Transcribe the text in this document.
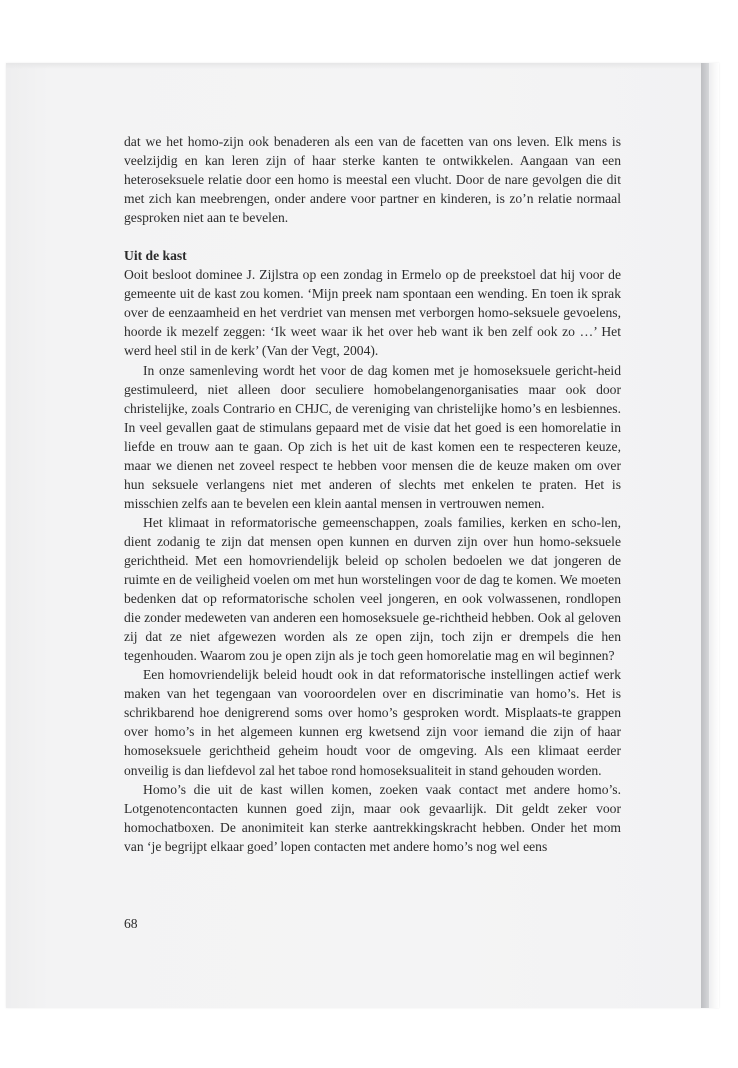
dat we het homo-zijn ook benaderen als een van de facetten van ons leven. Elk mens is veelzijdig en kan leren zijn of haar sterke kanten te ontwikkelen. Aangaan van een heteroseksuele relatie door een homo is meestal een vlucht. Door de nare gevolgen die dit met zich kan meebrengen, onder andere voor partner en kinderen, is zo’n relatie normaal gesproken niet aan te bevelen.

Uit de kast

Ooit besloot dominee J. Zijlstra op een zondag in Ermelo op de preekstoel dat hij voor de gemeente uit de kast zou komen. ‘Mijn preek nam spontaan een wending. En toen ik sprak over de eenzaamheid en het verdriet van mensen met verborgen homo-seksuele gevoelens, hoorde ik mezelf zeggen: ‘Ik weet waar ik het over heb want ik ben zelf ook zo …’ Het werd heel stil in de kerk’ (Van der Vegt, 2004).

In onze samenleving wordt het voor de dag komen met je homoseksuele gericht-heid gestimuleerd, niet alleen door seculiere homobelangenorganisaties maar ook door christelijke, zoals Contrario en CHJC, de vereniging van christelijke homo’s en lesbiennes. In veel gevallen gaat de stimulans gepaard met de visie dat het goed is een homorelatie in liefde en trouw aan te gaan. Op zich is het uit de kast komen een te respecteren keuze, maar we dienen net zoveel respect te hebben voor mensen die de keuze maken om over hun seksuele verlangens niet met anderen of slechts met enkelen te praten. Het is misschien zelfs aan te bevelen een klein aantal mensen in vertrouwen nemen.

Het klimaat in reformatorische gemeenschappen, zoals families, kerken en scho-len, dient zodanig te zijn dat mensen open kunnen en durven zijn over hun homo-seksuele gerichtheid. Met een homovriendelijk beleid op scholen bedoelen we dat jongeren de ruimte en de veiligheid voelen om met hun worstelingen voor de dag te komen. We moeten bedenken dat op reformatorische scholen veel jongeren, en ook volwassenen, rondlopen die zonder medeweten van anderen een homoseksuele ge-richtheid hebben. Ook al geloven zij dat ze niet afgewezen worden als ze open zijn, toch zijn er drempels die hen tegenhouden. Waarom zou je open zijn als je toch geen homorelatie mag en wil beginnen?

Een homovriendelijk beleid houdt ook in dat reformatorische instellingen actief werk maken van het tegengaan van vooroordelen over en discriminatie van homo’s. Het is schrikbarend hoe denigrerend soms over homo’s gesproken wordt. Misplaats-te grappen over homo’s in het algemeen kunnen erg kwetsend zijn voor iemand die zijn of haar homoseksuele gerichtheid geheim houdt voor de omgeving. Als een klimaat eerder onveilig is dan liefdevol zal het taboe rond homoseksualiteit in stand gehouden worden.

Homo’s die uit de kast willen komen, zoeken vaak contact met andere homo’s. Lotgenotencontacten kunnen goed zijn, maar ook gevaarlijk. Dit geldt zeker voor homochatboxen. De anonimiteit kan sterke aantrekkingskracht hebben. Onder het mom van ‘je begrijpt elkaar goed’ lopen contacten met andere homo’s nog wel eens

68
